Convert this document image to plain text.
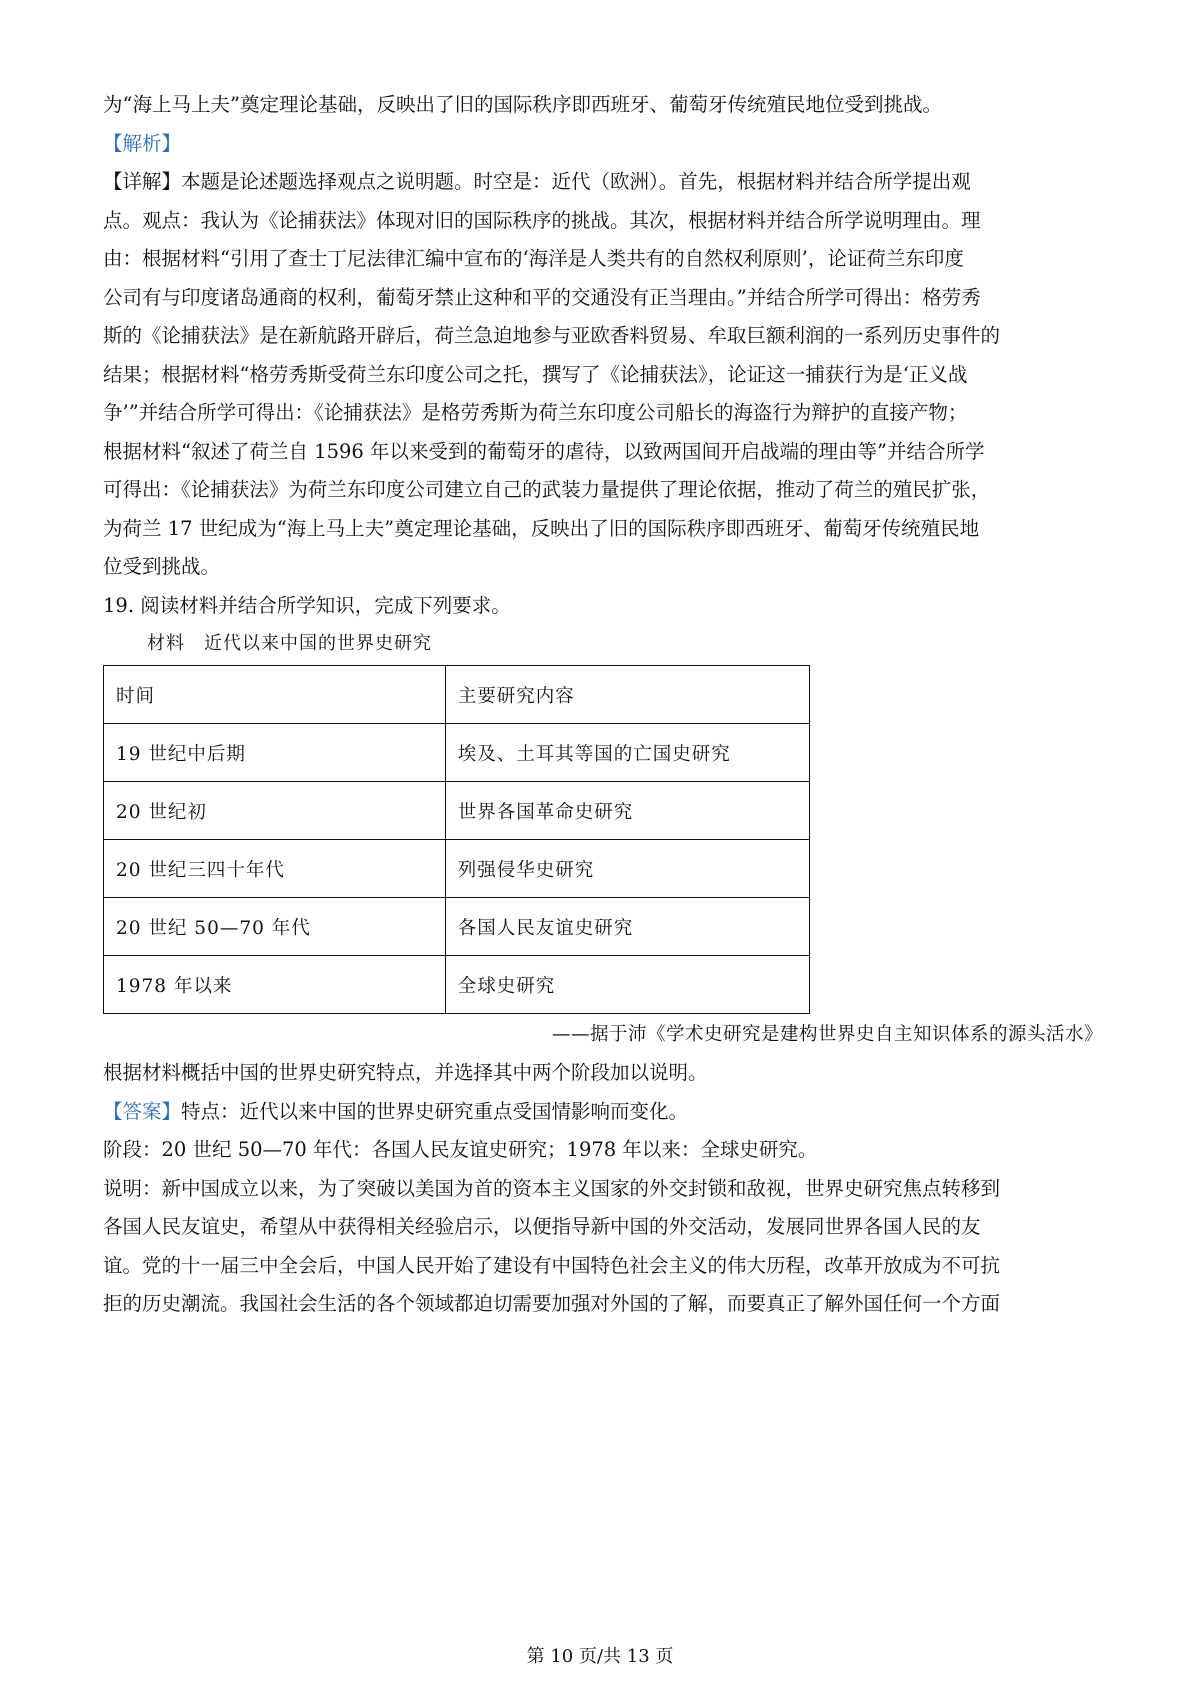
为“海上马上夫”奠定理论基础，反映出了旧的国际秩序即西班牙、葡萄牙传统殖民地位受到挑战。
【解析】
【详解】本题是论述题选择观点之说明题。时空是：近代（欧洲）。首先，根据材料并结合所学提出观
点。观点：我认为《论捕获法》体现对旧的国际秩序的挑战。其次，根据材料并结合所学说明理由。理
由：根据材料“引用了查士丁尼法律汇编中宣布的‘海洋是人类共有的自然权利原则’，论证荷兰东印度
公司有与印度诸岛通商的权利，葡萄牙禁止这种和平的交通没有正当理由。”并结合所学可得出：格劳秀
斯的《论捕获法》是在新航路开辟后，荷兰急迫地参与亚欧香料贸易、牟取巨额利润的一系列历史事件的
结果；根据材料“格劳秀斯受荷兰东印度公司之托，撰写了《论捕获法》，论证这一捕获行为是‘正义战
争’”并结合所学可得出：《论捕获法》是格劳秀斯为荷兰东印度公司船长的海盗行为辩护的直接产物；
根据材料“叙述了荷兰自 1596 年以来受到的葡萄牙的虐待，以致两国间开启战端的理由等”并结合所学
可得出：《论捕获法》为荷兰东印度公司建立自己的武装力量提供了理论依据，推动了荷兰的殖民扩张，
为荷兰 17 世纪成为“海上马上夫”奠定理论基础，反映出了旧的国际秩序即西班牙、葡萄牙传统殖民地
位受到挑战。
19. 阅读材料并结合所学知识，完成下列要求。
材料　近代以来中国的世界史研究
时间	主要研究内容
19 世纪中后期	埃及、土耳其等国的亡国史研究
20 世纪初	世界各国革命史研究
20 世纪三四十年代	列强侵华史研究
20 世纪 50—70 年代	各国人民友谊史研究
1978 年以来	全球史研究
——据于沛《学术史研究是建构世界史自主知识体系的源头活水》
根据材料概括中国的世界史研究特点，并选择其中两个阶段加以说明。
【答案】特点：近代以来中国的世界史研究重点受国情影响而变化。
阶段：20 世纪 50—70 年代：各国人民友谊史研究；1978 年以来：全球史研究。
说明：新中国成立以来，为了突破以美国为首的资本主义国家的外交封锁和敌视，世界史研究焦点转移到
各国人民友谊史，希望从中获得相关经验启示，以便指导新中国的外交活动，发展同世界各国人民的友
谊。党的十一届三中全会后，中国人民开始了建设有中国特色社会主义的伟大历程，改革开放成为不可抗
拒的历史潮流。我国社会生活的各个领域都迫切需要加强对外国的了解，而要真正了解外国任何一个方面
第 10 页/共 13 页
